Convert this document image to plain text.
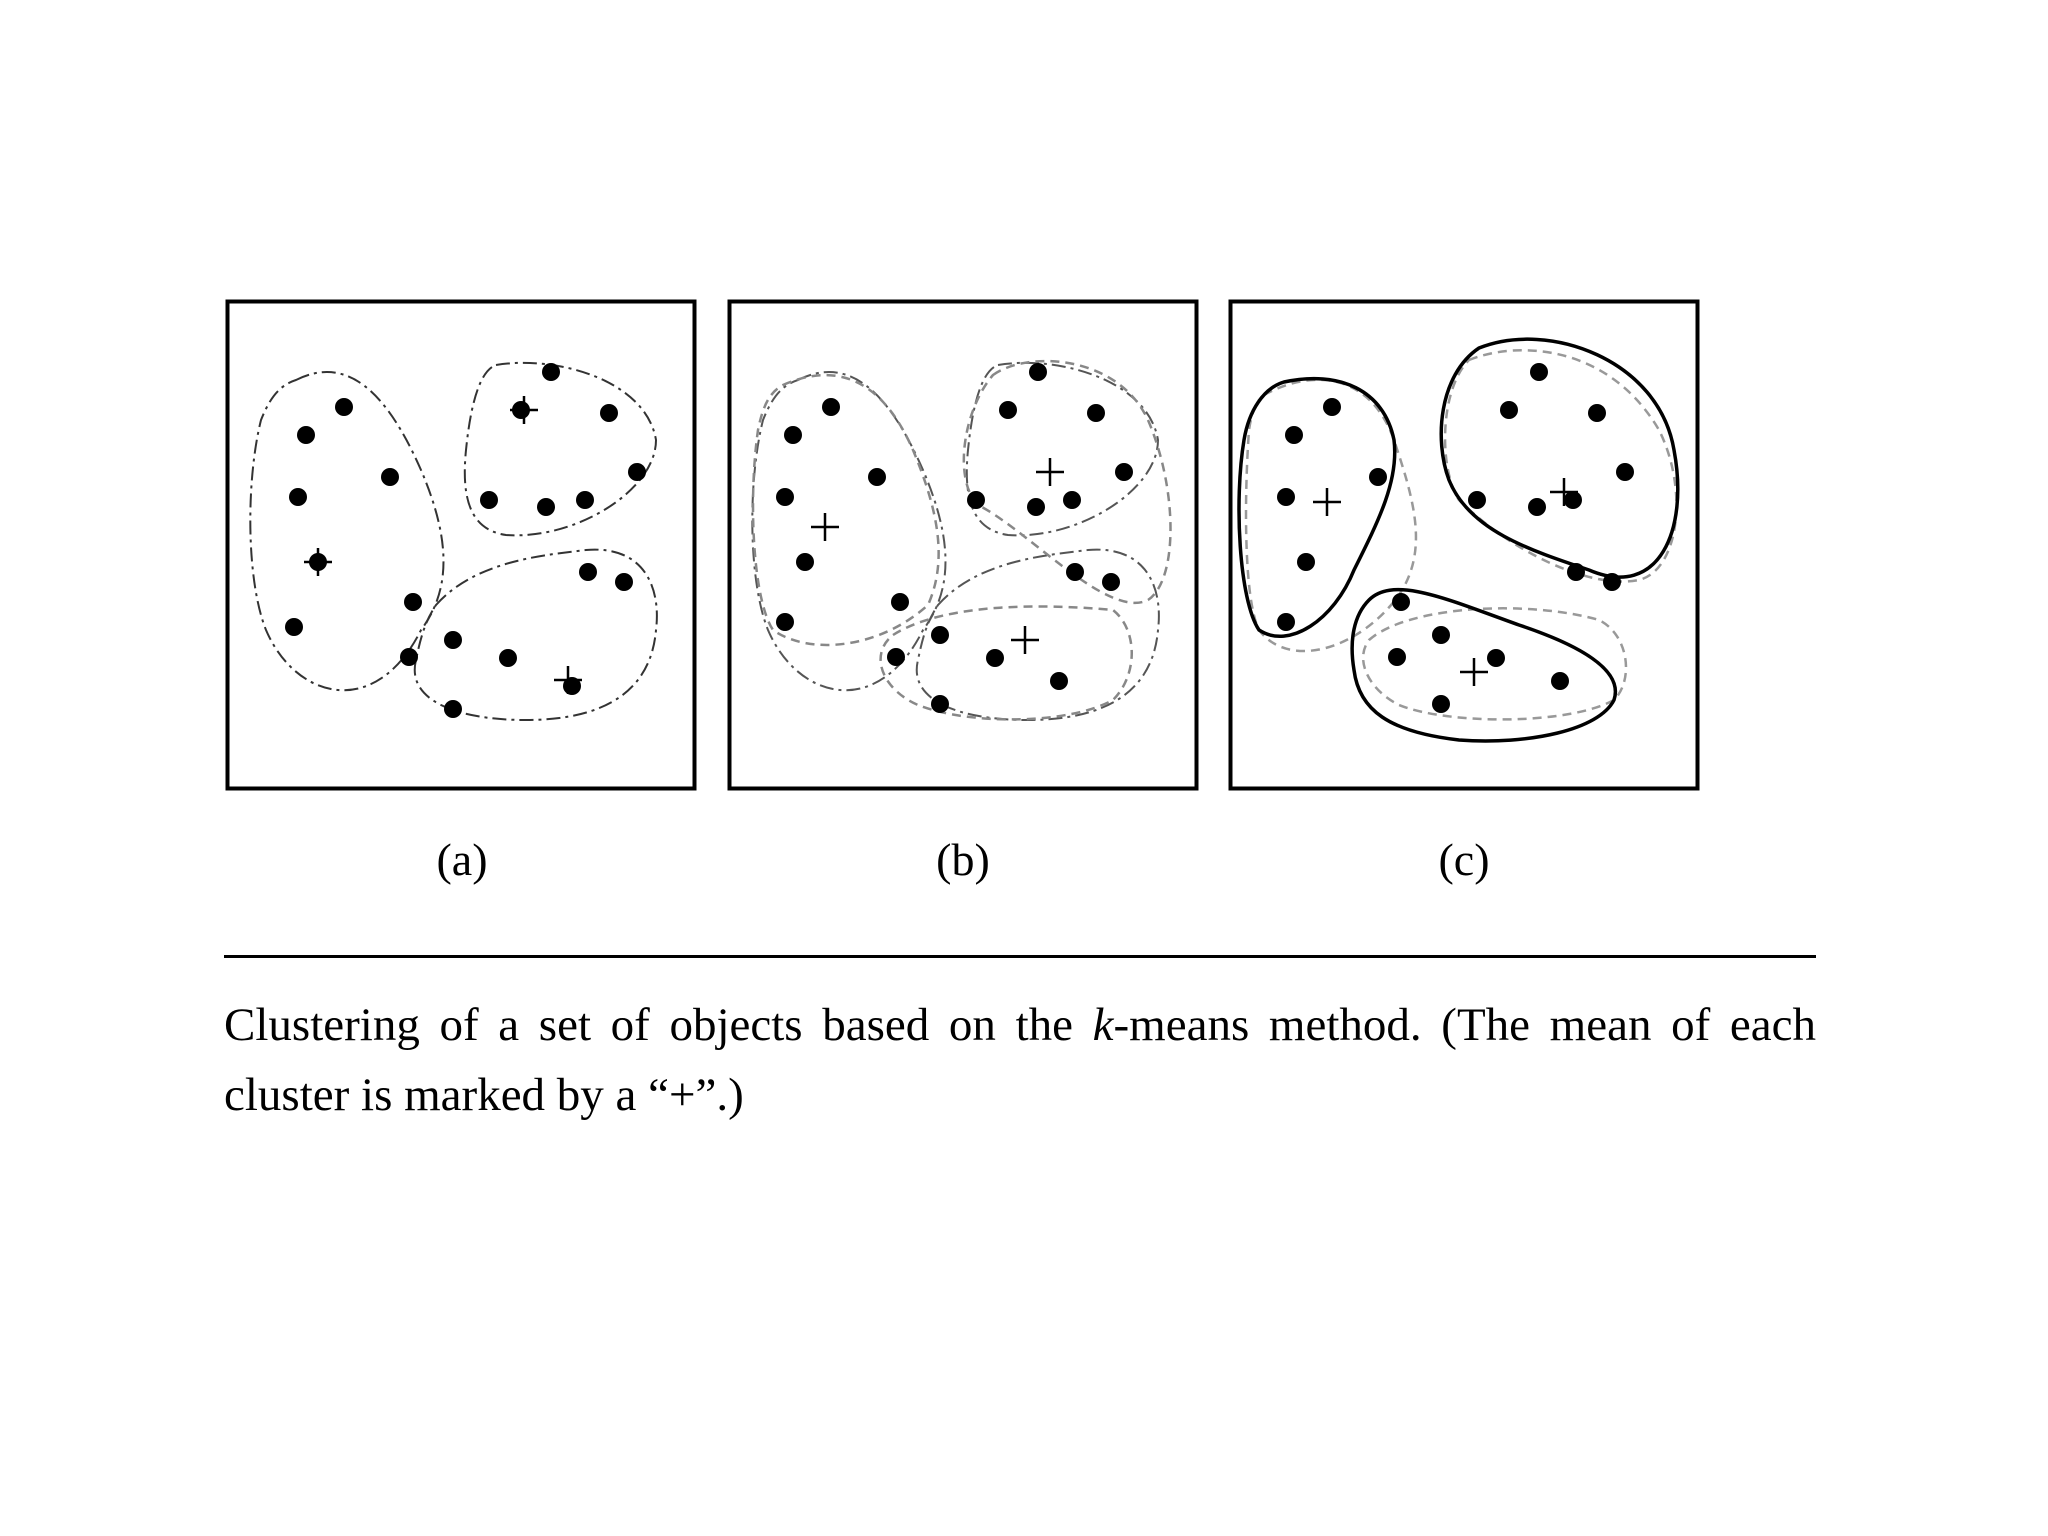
(a)	(b)	(c)
Clustering of a set of objects based on the k-means method. (The mean of each cluster is marked by a “+”.)
